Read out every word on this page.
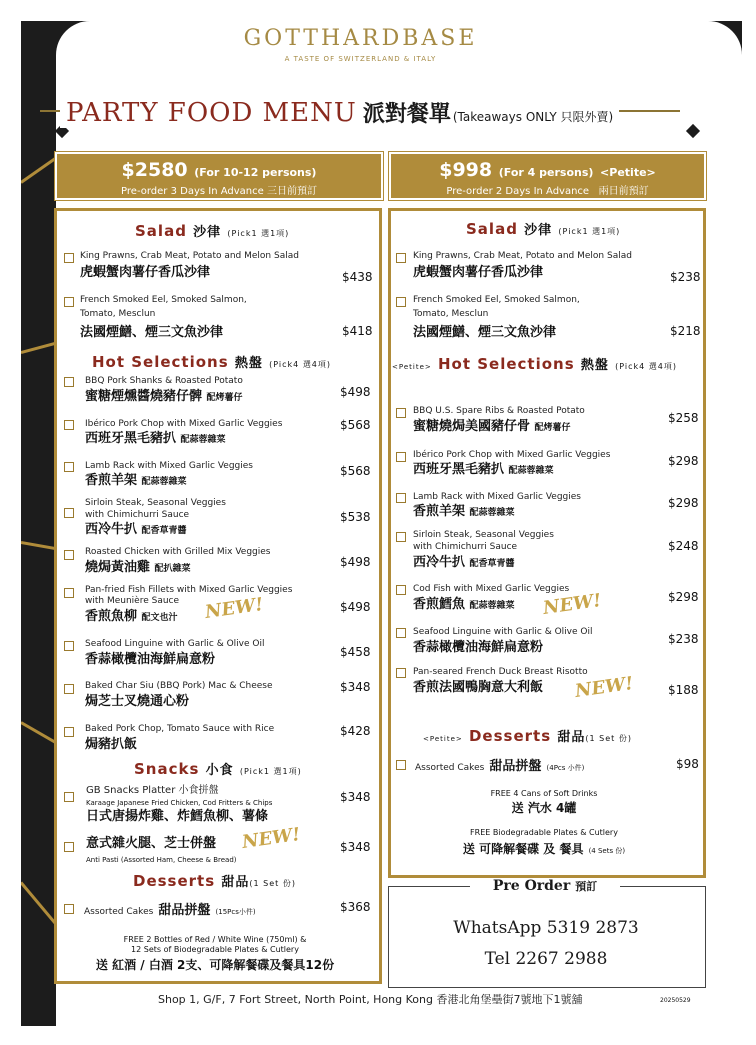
GOTTHARDBASE
A TASTE OF SWITZERLAND & ITALY
PARTY FOOD MENU 派對餐單 (Takeaways ONLY 只限外賣)
$2580 (For 10-12 persons)
Pre-order 3 Days In Advance 三日前預訂
$998 (For 4 persons) <Petite>
Pre-order 2 Days In Advance 兩日前預訂
Salad 沙律 (Pick1 選1項)
King Prawns, Crab Meat, Potato and Melon Salad
虎蝦蟹肉薯仔香瓜沙律	$438
French Smoked Eel, Smoked Salmon,
Tomato, Mesclun
法國煙鱔、煙三文魚沙律	$418
Hot Selections 熱盤 (Pick4 選4項)
BBQ Pork Shanks & Roasted Potato
蜜糖煙燻醬燒豬仔髀 配烤薯仔	$498
Ibérico Pork Chop with Mixed Garlic Veggies
西班牙黑毛豬扒 配蒜蓉雜菜
$568
Lamb Rack with Mixed Garlic Veggies
香煎羊架 配蒜蓉雜菜
$568
Sirloin Steak, Seasonal Veggies
with Chimichurri Sauce
西冷牛扒 配香草青醬
$538
Roasted Chicken with Grilled Mix Veggies
燒焗黃油雞 配扒雜菜	$498
Pan-fried Fish Fillets with Mixed Garlic Veggies
with Meunière Sauce
香煎魚柳 配文也汁 NEW!	$498
Seafood Linguine with Garlic & Olive Oil
香蒜橄欖油海鮮扁意粉	$458
Baked Char Siu (BBQ Pork) Mac & Cheese
焗芝士叉燒通心粉
$348
Baked Pork Chop, Tomato Sauce with Rice
焗豬扒飯
$428
Snacks 小食 (Pick1 選1項)
GB Snacks Platter 小食拼盤
Karaage Japanese Fried Chicken, Cod Fritters & Chips
日式唐揚炸雞、炸鱈魚柳、薯條
$348
意式雜火腿、芝士併盤
Anti Pasti (Assorted Ham, Cheese & Bread)
NEW!	$348
Desserts 甜品(1 Set 份)
Assorted Cakes 甜品拼盤 (15Pcs小件)	$368
FREE 2 Bottles of Red / White Wine (750ml) &
12 Sets of Biodegradable Plates & Cutlery
送 紅酒 / 白酒 2支、可降解餐碟及餐具12份
Salad 沙律 (Pick1 選1項)
King Prawns, Crab Meat, Potato and Melon Salad
虎蝦蟹肉薯仔香瓜沙律	$238
French Smoked Eel, Smoked Salmon,
Tomato, Mesclun
法國煙鱔、煙三文魚沙律	$218
<Petite> Hot Selections 熱盤 (Pick4 選4項)
BBQ U.S. Spare Ribs & Roasted Potato
蜜糖燒焗美國豬仔骨 配烤薯仔
$258
Ibérico Pork Chop with Mixed Garlic Veggies
西班牙黑毛豬扒 配蒜蓉雜菜
$298
Lamb Rack with Mixed Garlic Veggies
香煎羊架 配蒜蓉雜菜
$298
Sirloin Steak, Seasonal Veggies
with Chimichurri Sauce
西冷牛扒 配香草青醬
$248
Cod Fish with Mixed Garlic Veggies
香煎鱈魚 配蒜蓉雜菜 NEW!	$298
Seafood Linguine with Garlic & Olive Oil
香蒜橄欖油海鮮扁意粉
$238
Pan-seared French Duck Breast Risotto
香煎法國鴨胸意大利飯 NEW!	$188
<Petite> Desserts 甜品(1 Set 份)
Assorted Cakes 甜品拼盤 (4Pcs 小件)	$98
FREE 4 Cans of Soft Drinks
送 汽水 4罐
FREE Biodegradable Plates & Cutlery
送 可降解餐碟 及 餐具 (4 Sets 份)
Pre Order 預訂
WhatsApp 5319 2873
Tel 2267 2988
Shop 1, G/F, 7 Fort Street, North Point, Hong Kong 香港北角堡壘街7號地下1號舖	20250529
